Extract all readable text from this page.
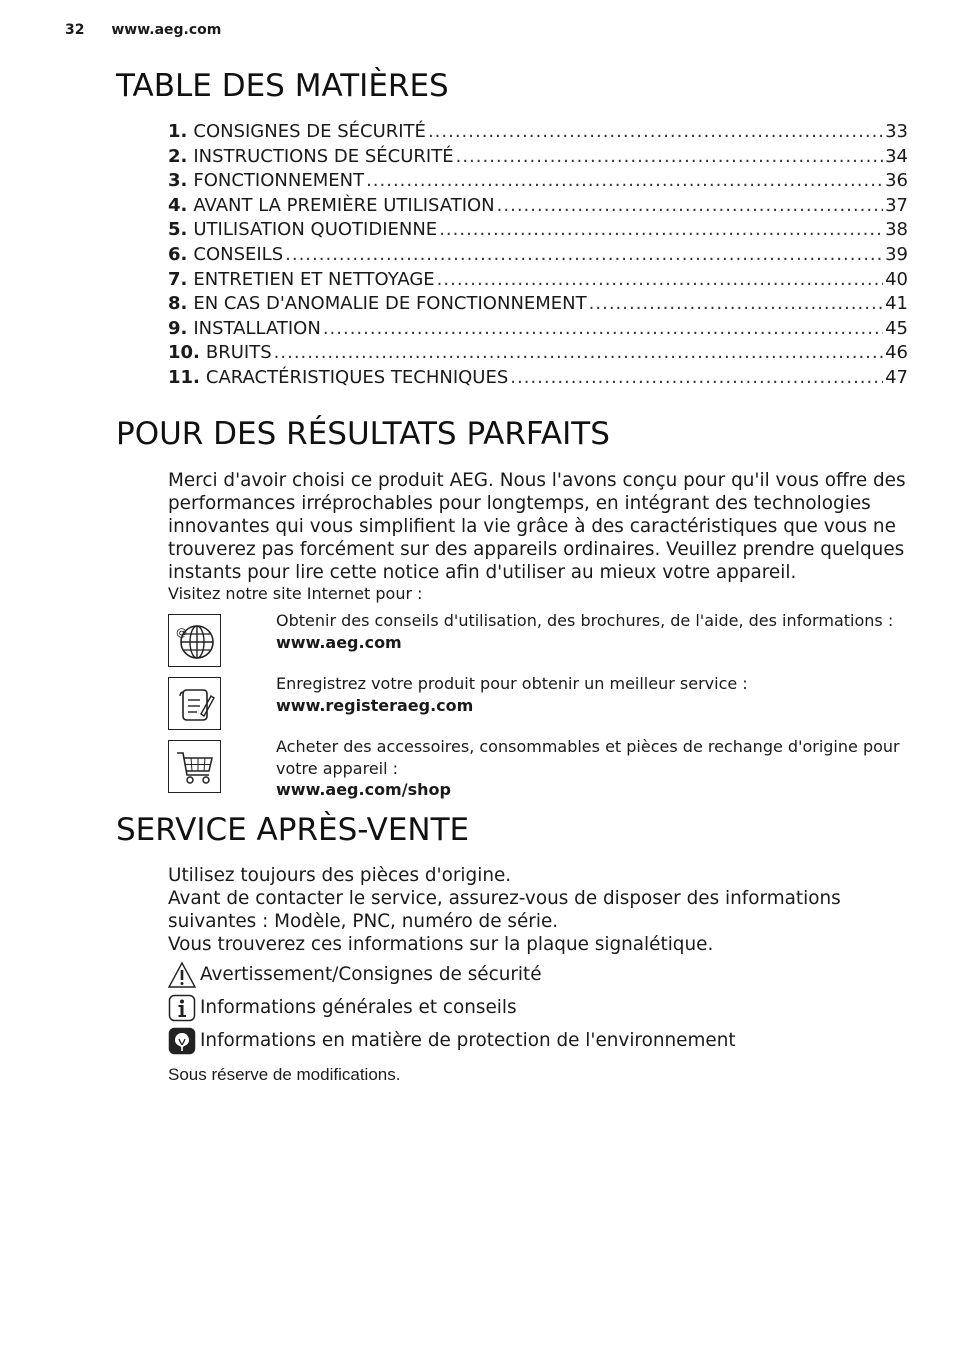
32 www.aeg.com
TABLE DES MATIÈRES
1. CONSIGNES DE SÉCURITÉ .....	33
2. INSTRUCTIONS DE SÉCURITÉ .....	34
3. FONCTIONNEMENT .....	36
4. AVANT LA PREMIÈRE UTILISATION .....	37
5. UTILISATION QUOTIDIENNE .....	38
6. CONSEILS .....	39
7. ENTRETIEN ET NETTOYAGE .....	40
8. EN CAS D'ANOMALIE DE FONCTIONNEMENT .....	41
9. INSTALLATION .....	45
10. BRUITS .....	46
11. CARACTÉRISTIQUES TECHNIQUES .....	47
POUR DES RÉSULTATS PARFAITS
Merci d'avoir choisi ce produit AEG. Nous l'avons conçu pour qu'il vous offre des performances irréprochables pour longtemps, en intégrant des technologies innovantes qui vous simplifient la vie grâce à des caractéristiques que vous ne trouverez pas forcément sur des appareils ordinaires. Veuillez prendre quelques instants pour lire cette notice afin d'utiliser au mieux votre appareil.
Visitez notre site Internet pour :
@
Obtenir des conseils d'utilisation, des brochures, de l'aide, des informations :
www.aeg.com
Enregistrez votre produit pour obtenir un meilleur service :
www.registeraeg.com
Acheter des accessoires, consommables et pièces de rechange d'origine pour votre appareil :
www.aeg.com/shop
SERVICE APRÈS-VENTE
Utilisez toujours des pièces d'origine.
Avant de contacter le service, assurez-vous de disposer des informations suivantes : Modèle, PNC, numéro de série.
Vous trouverez ces informations sur la plaque signalétique.
Avertissement/Consignes de sécurité
Informations générales et conseils
Informations en matière de protection de l'environnement
Sous réserve de modifications.
